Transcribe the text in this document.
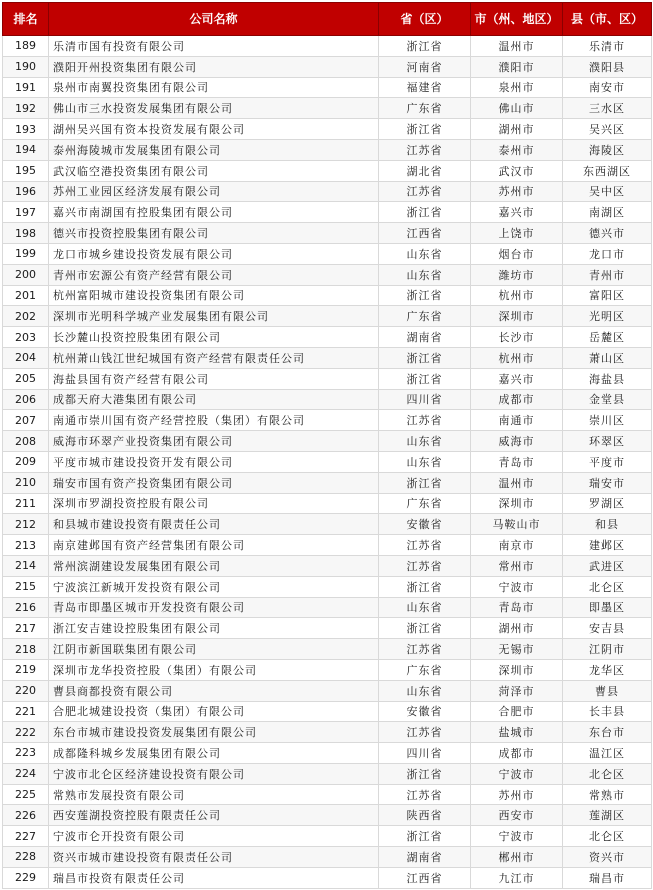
排名	公司名称	省（区）	市（州、地区）	县（市、区）
189	乐清市国有投资有限公司	浙江省	温州市	乐清市
190	濮阳开州投资集团有限公司	河南省	濮阳市	濮阳县
191	泉州市南翼投资集团有限公司	福建省	泉州市	南安市
192	佛山市三水投资发展集团有限公司	广东省	佛山市	三水区
193	湖州吴兴国有资本投资发展有限公司	浙江省	湖州市	吴兴区
194	泰州海陵城市发展集团有限公司	江苏省	泰州市	海陵区
195	武汉临空港投资集团有限公司	湖北省	武汉市	东西湖区
196	苏州工业园区经济发展有限公司	江苏省	苏州市	吴中区
197	嘉兴市南湖国有控股集团有限公司	浙江省	嘉兴市	南湖区
198	德兴市投资控股集团有限公司	江西省	上饶市	德兴市
199	龙口市城乡建设投资发展有限公司	山东省	烟台市	龙口市
200	青州市宏源公有资产经营有限公司	山东省	潍坊市	青州市
201	杭州富阳城市建设投资集团有限公司	浙江省	杭州市	富阳区
202	深圳市光明科学城产业发展集团有限公司	广东省	深圳市	光明区
203	长沙麓山投资控股集团有限公司	湖南省	长沙市	岳麓区
204	杭州萧山钱江世纪城国有资产经营有限责任公司	浙江省	杭州市	萧山区
205	海盐县国有资产经营有限公司	浙江省	嘉兴市	海盐县
206	成都天府大港集团有限公司	四川省	成都市	金堂县
207	南通市崇川国有资产经营控股（集团）有限公司	江苏省	南通市	崇川区
208	威海市环翠产业投资集团有限公司	山东省	威海市	环翠区
209	平度市城市建设投资开发有限公司	山东省	青岛市	平度市
210	瑞安市国有资产投资集团有限公司	浙江省	温州市	瑞安市
211	深圳市罗湖投资控股有限公司	广东省	深圳市	罗湖区
212	和县城市建设投资有限责任公司	安徽省	马鞍山市	和县
213	南京建邺国有资产经营集团有限公司	江苏省	南京市	建邺区
214	常州滨湖建设发展集团有限公司	江苏省	常州市	武进区
215	宁波滨江新城开发投资有限公司	浙江省	宁波市	北仑区
216	青岛市即墨区城市开发投资有限公司	山东省	青岛市	即墨区
217	浙江安吉建设控股集团有限公司	浙江省	湖州市	安吉县
218	江阴市新国联集团有限公司	江苏省	无锡市	江阴市
219	深圳市龙华投资控股（集团）有限公司	广东省	深圳市	龙华区
220	曹县商都投资有限公司	山东省	菏泽市	曹县
221	合肥北城建设投资（集团）有限公司	安徽省	合肥市	长丰县
222	东台市城市建设投资发展集团有限公司	江苏省	盐城市	东台市
223	成都隆科城乡发展集团有限公司	四川省	成都市	温江区
224	宁波市北仑区经济建设投资有限公司	浙江省	宁波市	北仑区
225	常熟市发展投资有限公司	江苏省	苏州市	常熟市
226	西安莲湖投资控股有限责任公司	陕西省	西安市	莲湖区
227	宁波市仑开投资有限公司	浙江省	宁波市	北仑区
228	资兴市城市建设投资有限责任公司	湖南省	郴州市	资兴市
229	瑞昌市投资有限责任公司	江西省	九江市	瑞昌市
